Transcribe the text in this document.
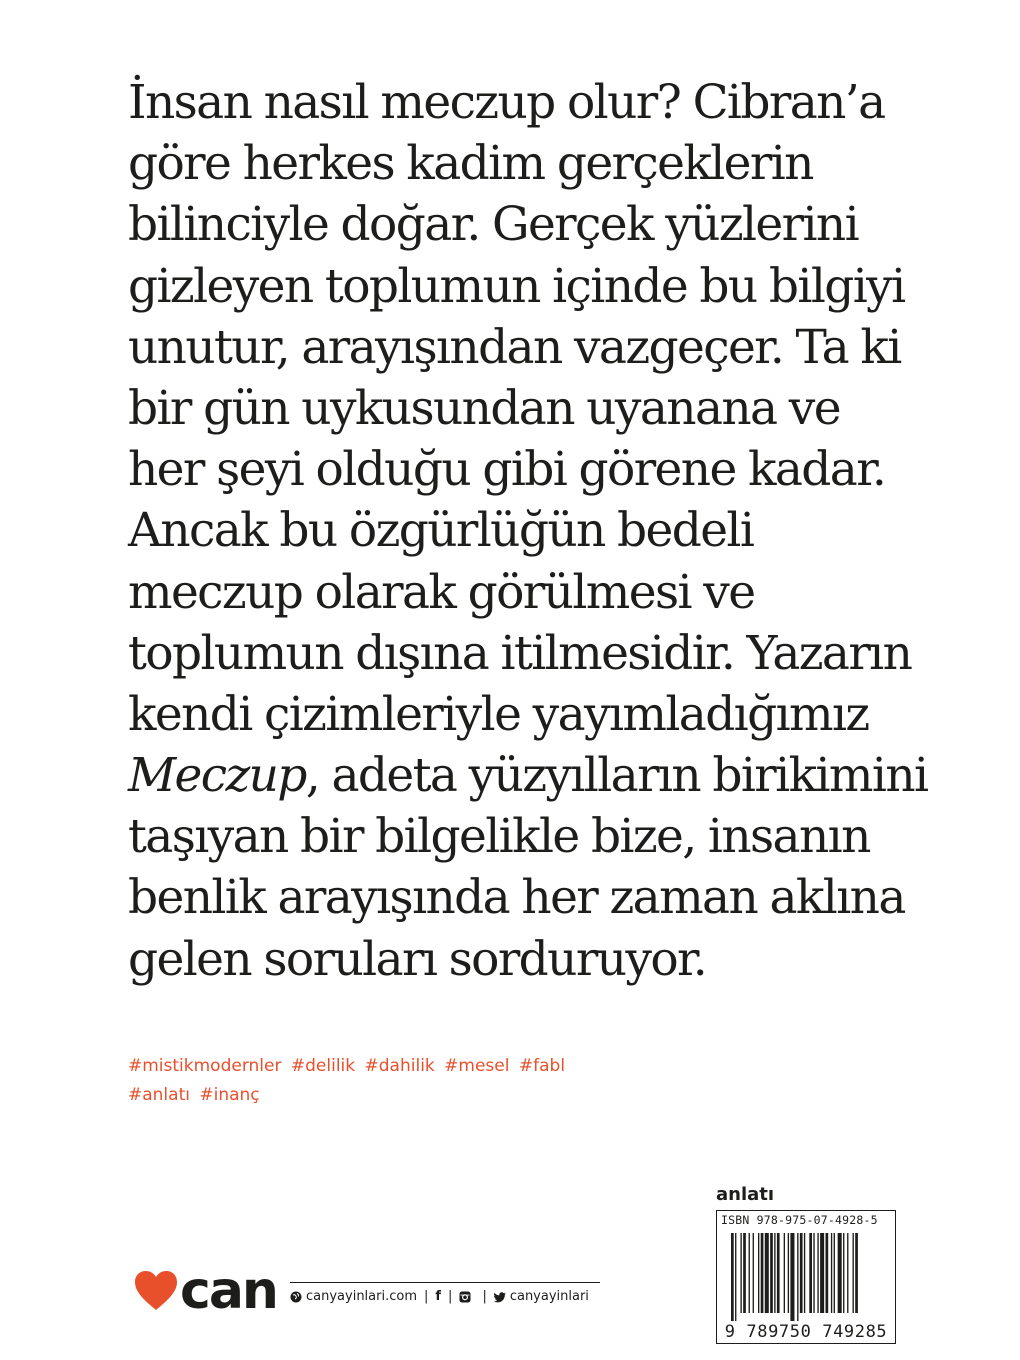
İnsan nasıl meczup olur? Cibran’a
göre herkes kadim gerçeklerin
bilinciyle doğar. Gerçek yüzlerini
gizleyen toplumun içinde bu bilgiyi
unutur, arayışından vazgeçer. Ta ki
bir gün uykusundan uyanana ve
her şeyi olduğu gibi görene kadar.
Ancak bu özgürlüğün bedeli
meczup olarak görülmesi ve
toplumun dışına itilmesidir. Yazarın
kendi çizimleriyle yayımladığımız
Meczup, adeta yüzyılların birikimini
taşıyan bir bilgelikle bize, insanın
benlik arayışında her zaman aklına
gelen soruları sorduruyor.
#mistikmodernler #delilik #dahilik #mesel #fabl
#anlatı #inanç
can canyayinlari.com | f | | canyayinlari
anlatı
ISBN 978-975-07-4928-5
9 789750 749285
